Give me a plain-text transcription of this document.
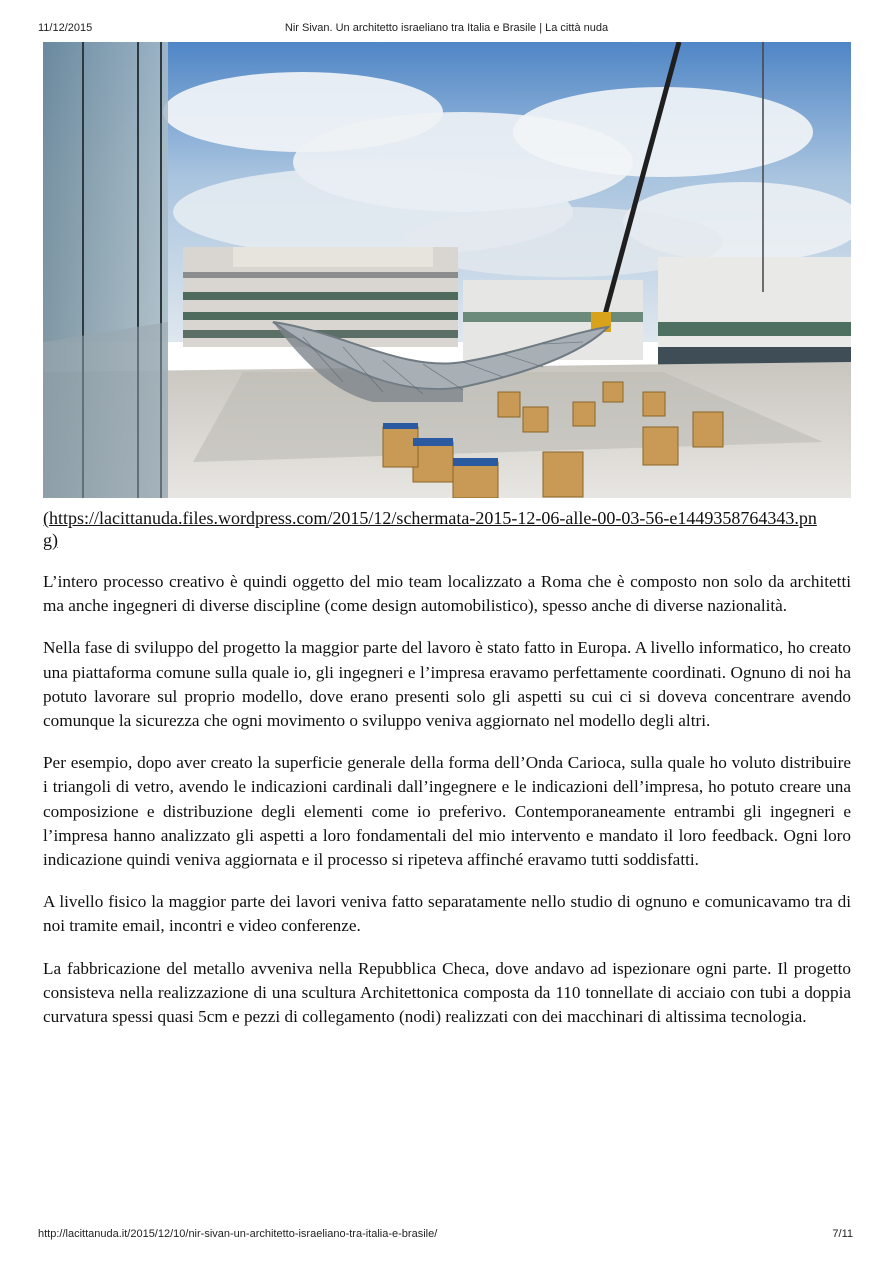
11/12/2015	Nir Sivan. Un architetto israeliano tra Italia e Brasile | La città nuda
(https://lacittanuda.files.wordpress.com/2015/12/schermata-2015-12-06-alle-00-03-56-e1449358764343.png)

L’intero processo creativo è quindi oggetto del mio team localizzato a Roma che è composto non solo da architetti ma anche ingegneri di diverse discipline (come design automobilistico), spesso anche di diverse nazionalità.

Nella fase di sviluppo del progetto la maggior parte del lavoro è stato fatto in Europa. A livello informatico, ho creato una piattaforma comune sulla quale io, gli ingegneri e l’impresa eravamo perfettamente coordinati. Ognuno di noi ha potuto lavorare sul proprio modello, dove erano presenti solo gli aspetti su cui ci si doveva concentrare avendo comunque la sicurezza che ogni movimento o sviluppo veniva aggiornato nel modello degli altri.

Per esempio, dopo aver creato la superficie generale della forma dell’Onda Carioca, sulla quale ho voluto distribuire i triangoli di vetro, avendo le indicazioni cardinali dall’ingegnere e le indicazioni dell’impresa, ho potuto creare una composizione e distribuzione degli elementi come io preferivo. Contemporaneamente entrambi gli ingegneri e l’impresa hanno analizzato gli aspetti a loro fondamentali del mio intervento e mandato il loro feedback. Ogni loro indicazione quindi veniva aggiornata e il processo si ripeteva affinché eravamo tutti soddisfatti.

A livello fisico la maggior parte dei lavori veniva fatto separatamente nello studio di ognuno e comunicavamo tra di noi tramite email, incontri e video conferenze.

La fabbricazione del metallo avveniva nella Repubblica Checa, dove andavo ad ispezionare ogni parte. Il progetto consisteva nella realizzazione di una scultura Architettonica composta da 110 tonnellate di acciaio con tubi a doppia curvatura spessi quasi 5cm e pezzi di collegamento (nodi) realizzati con dei macchinari di altissima tecnologia.

http://lacittanuda.it/2015/12/10/nir-sivan-un-architetto-israeliano-tra-italia-e-brasile/	7/11
